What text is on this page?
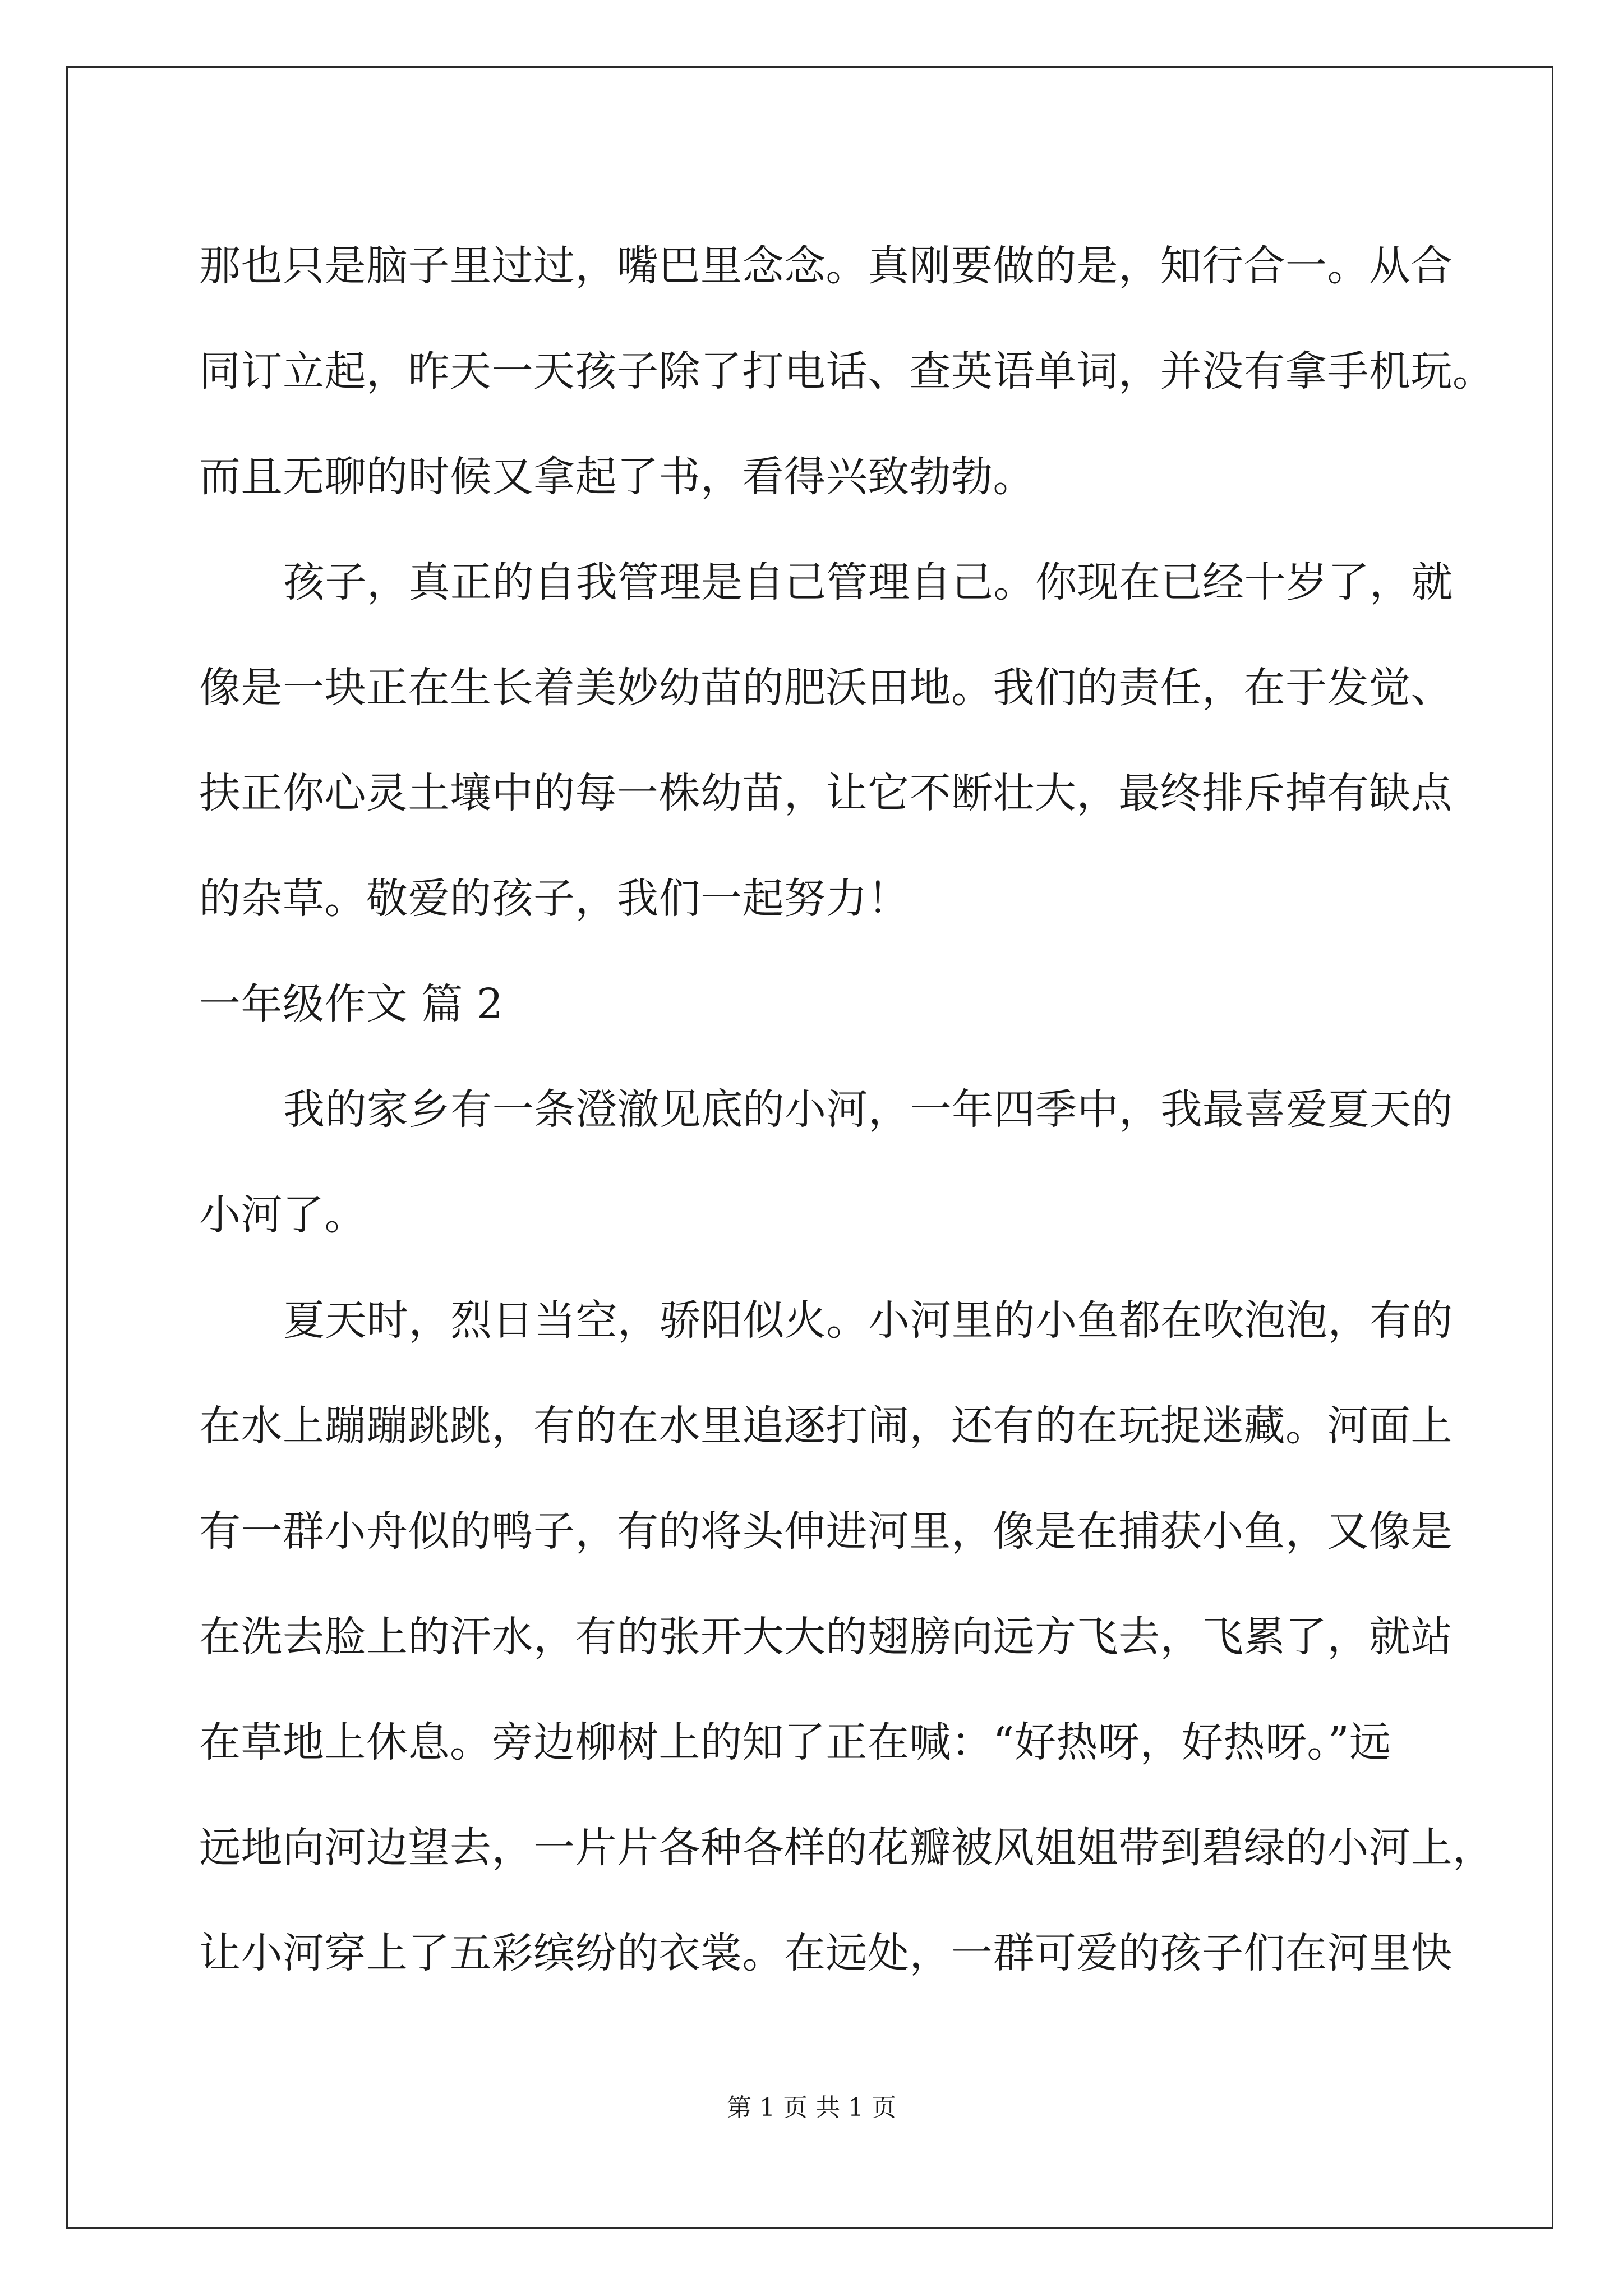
那也只是脑子里过过，嘴巴里念念。真刚要做的是，知行合一。从合
同订立起，昨天一天孩子除了打电话、查英语单词，并没有拿手机玩。
而且无聊的时候又拿起了书，看得兴致勃勃。
孩子，真正的自我管理是自己管理自己。你现在已经十岁了，就
像是一块正在生长着美妙幼苗的肥沃田地。我们的责任，在于发觉、
扶正你心灵土壤中的每一株幼苗，让它不断壮大，最终排斥掉有缺点
的杂草。敬爱的孩子，我们一起努力！
一年级作文 篇 2
我的家乡有一条澄澈见底的小河，一年四季中，我最喜爱夏天的
小河了。
夏天时，烈日当空，骄阳似火。小河里的小鱼都在吹泡泡，有的
在水上蹦蹦跳跳，有的在水里追逐打闹，还有的在玩捉迷藏。河面上
有一群小舟似的鸭子，有的将头伸进河里，像是在捕获小鱼，又像是
在洗去脸上的汗水，有的张开大大的翅膀向远方飞去，飞累了，就站
在草地上休息。旁边柳树上的知了正在喊：“好热呀，好热呀。”远
远地向河边望去，一片片各种各样的花瓣被风姐姐带到碧绿的小河上，
让小河穿上了五彩缤纷的衣裳。在远处，一群可爱的孩子们在河里快
第 1 页 共 1 页
